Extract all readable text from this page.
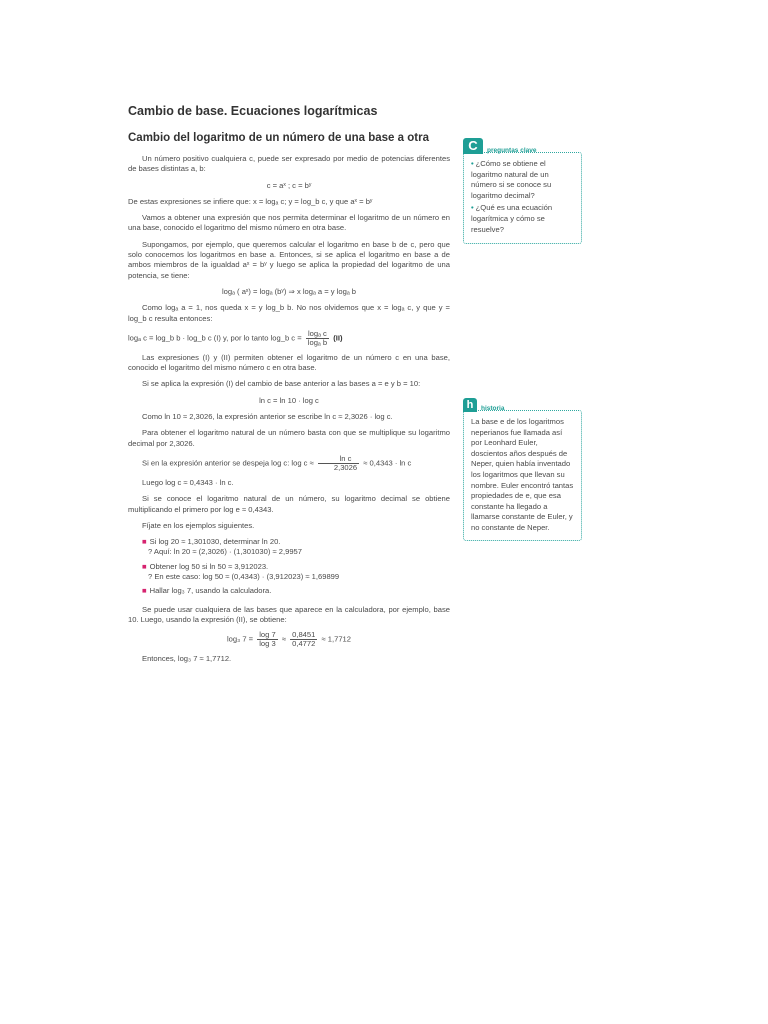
Cambio de base. Ecuaciones logarítmicas
Cambio del logaritmo de un número de una base a otra

Un número positivo cualquiera c, puede ser expresado por medio de potencias diferentes de bases distintas a, b:

c = aˣ ; c = bʸ

De estas expresiones se infiere que: x = logₐ c; y = log_b c, y que aˣ = bʸ

Vamos a obtener una expresión que nos permita determinar el logaritmo de un número en una base, conocido el logaritmo del mismo número en otra base.

Supongamos, por ejemplo, que queremos calcular el logaritmo en base b de c, pero que solo conocemos los logaritmos en base a. Entonces, si se aplica el logaritmo en base a de ambos miembros de la igualdad aˣ = bʸ y luego se aplica la propiedad del logaritmo de una potencia, se tiene:

logₐ ( aˣ) = logₐ (bʸ) ⇒ x logₐ a = y logₐ b

Como logₐ a = 1, nos queda x = y log_b b. No nos olvidemos que x = logₐ c, y que y = log_b c resulta entonces:

logₐ c = log_b b · log_b c (I) y, por lo tanto log_b $c = \frac{\text{logₐ c}}{\text{logₐ b}} (II)$

Las expresiones (I) y (II) permiten obtener el logaritmo de un número c en una base, conocido el logaritmo del mismo número c en otra base.

Si se aplica la expresión (I) del cambio de base anterior a las bases a = e y b = 10:

ln c = ln 10 · log c

Como ln 10 ≈ 2,3026, la expresión anterior se escribe ln c ≈ 2,3026 · log c.

Para obtener el logaritmo natural de un número basta con que se multiplique su logaritmo decimal por 2,3026.

Si en la expresión anterior se despeja log c: $\log c \approx \frac{\text{ln c}}{2,3026} \approx 0,4343 \cdot \ln c$

Luego log c ≈ 0,4343 · ln c.

Si se conoce el logaritmo natural de un número, su logaritmo decimal se obtiene multiplicando el primero por log e ≈ 0,4343.

Fíjate en los ejemplos siguientes.

■ Si log 20 ≈ 1,301030, determinar ln 20.
? Aquí: ln 20 ≈ (2,3026) · (1,301030) ≈ 2,9957
■ Obtener log 50 si ln 50 ≈ 3,912023.
? En este caso: log 50 ≈ (0,4343) · (3,912023) ≈ 1,69899
■ Hallar log₃ 7, usando la calculadora.

Se puede usar cualquiera de las bases que aparece en la calculadora, por ejemplo, base 10. Luego, usando la expresión (II), se obtiene:

log₃ $7 = \frac{\log 7}{\log 3} \approx \frac{0,8451}{0,4772} \approx 1,7712$

Entonces, log₃ 7 ≈ 1,7712.

C	preguntas clave
• ¿Cómo se obtiene el logaritmo natural de un número si se conoce su logaritmo decimal?
• ¿Qué es una ecuación logarítmica y cómo se resuelve?
h	historia
La base e de los logaritmos neperianos fue llamada así por Leonhard Euler, doscientos años después de Neper, quien había inventado los logaritmos que llevan su nombre. Euler encontró tantas propiedades de e, que esa constante ha llegado a llamarse constante de Euler, y no constante de Neper.
